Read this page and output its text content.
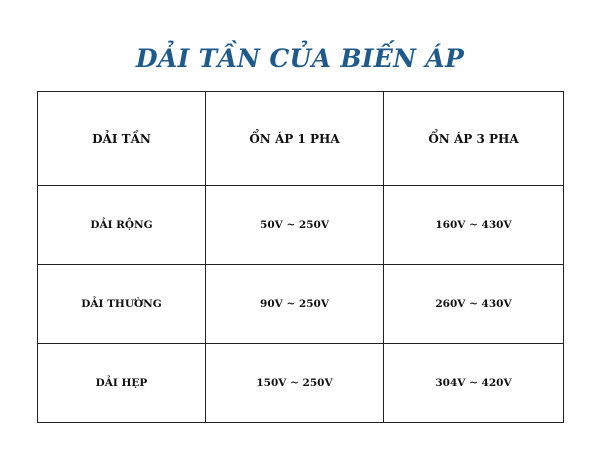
DẢI TẦN CỦA BIẾN ÁP
DẢI TẦN	ỔN ÁP 1 PHA	ỔN ÁP 3 PHA
DẢI RỘNG	50V ~ 250V	160V ~ 430V
DẢI THƯỜNG	90V ~ 250V	260V ~ 430V
DẢI HẸP	150V ~ 250V	304V ~ 420V
